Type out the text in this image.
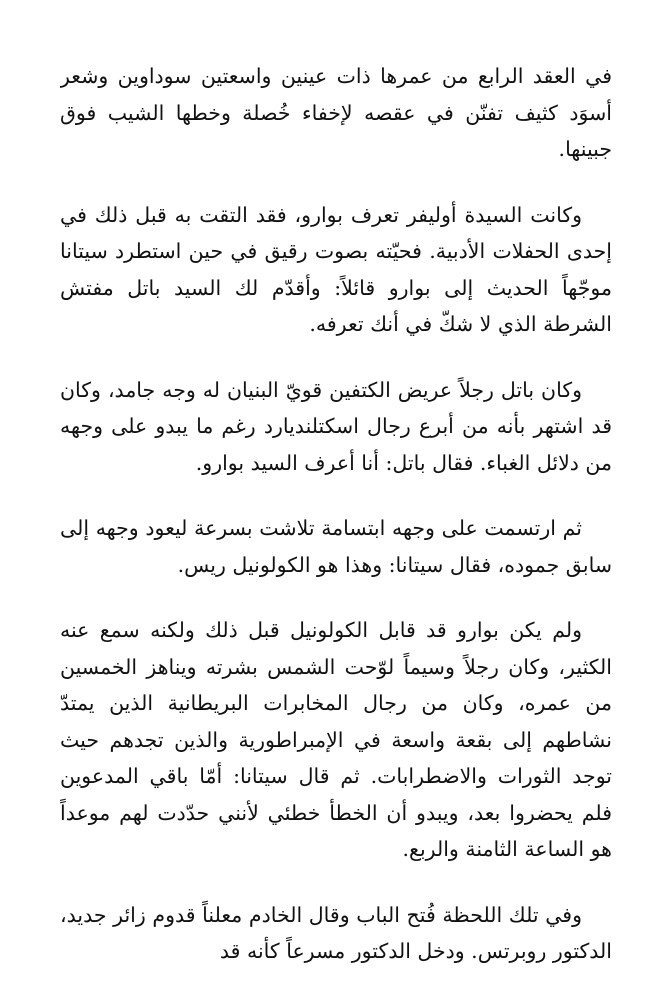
في العقد الرابع من عمرها ذات عينين واسعتين سوداوين وشعر أسوَد كثيف تفنّن في عقصه لإخفاء خُصلة وخطها الشيب فوق جبينها.

وكانت السيدة أوليفر تعرف بوارو، فقد التقت به قبل ذلك في إحدى الحفلات الأدبية. فحيّته بصوت رقيق في حين استطرد سيتانا موجّهاً الحديث إلى بوارو قائلاً: وأقدّم لك السيد باتل مفتش الشرطة الذي لا شكّ في أنك تعرفه.

وكان باتل رجلاً عريض الكتفين قويّ البنيان له وجه جامد، وكان قد اشتهر بأنه من أبرع رجال اسكتلنديارد رغم ما يبدو على وجهه من دلائل الغباء. فقال باتل: أنا أعرف السيد بوارو.

ثم ارتسمت على وجهه ابتسامة تلاشت بسرعة ليعود وجهه إلى سابق جموده، فقال سيتانا: وهذا هو الكولونيل ريس.

ولم يكن بوارو قد قابل الكولونيل قبل ذلك ولكنه سمع عنه الكثير، وكان رجلاً وسيماً لوّحت الشمس بشرته ويناهز الخمسين من عمره، وكان من رجال المخابرات البريطانية الذين يمتدّ نشاطهم إلى بقعة واسعة في الإمبراطورية والذين تجدهم حيث توجد الثورات والاضطرابات. ثم قال سيتانا: أمّا باقي المدعوين فلم يحضروا بعد، ويبدو أن الخطأ خطئي لأنني حدّدت لهم موعداً هو الساعة الثامنة والربع.

وفي تلك اللحظة فُتح الباب وقال الخادم معلناً قدوم زائر جديد، الدكتور روبرتس. ودخل الدكتور مسرعاً كأنه قد
